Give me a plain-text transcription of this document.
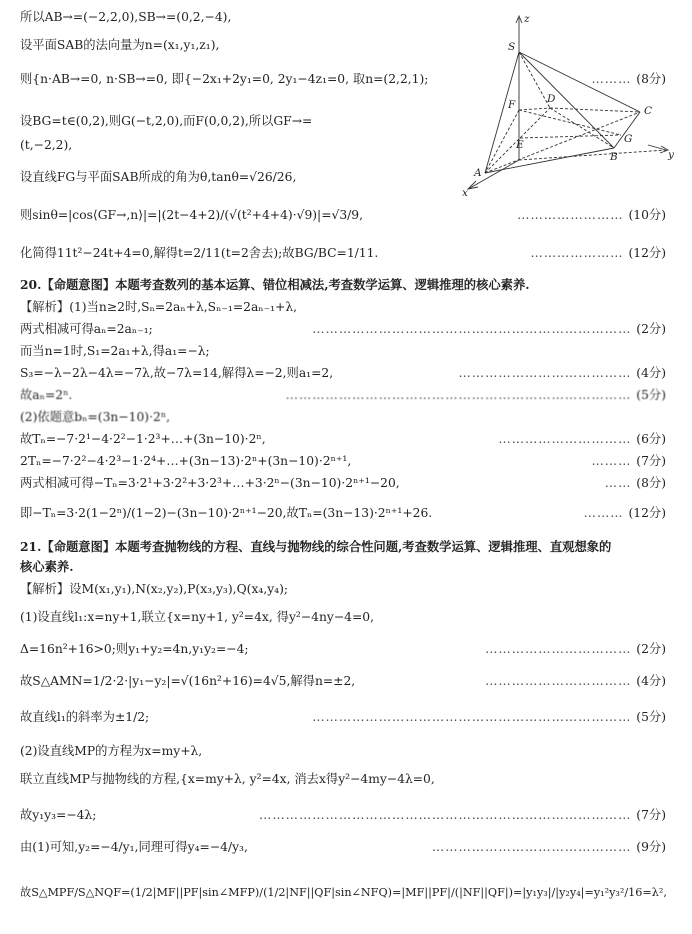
z
S
F	D
C
E	G
B
A
y
x
所以AB→=(−2,2,0),SB→=(0,2,−4),
设平面SAB的法向量为n=(x₁,y₁,z₁),
则{n·AB→=0, n·SB→=0, 即{−2x₁+2y₁=0, 2y₁−4z₁=0, 取n=(2,2,1);	……… (8分)
设BG=t∈(0,2),则G(−t,2,0),而F(0,0,2),所以GF→=
(t,−2,2),
设直线FG与平面SAB所成的角为θ,tanθ=√26/26,
则sinθ=|cos⟨GF→,n⟩|=|(2t−4+2)/(√(t²+4+4)·√9)|=√3/9,	…………………… (10分)
化简得11t²−24t+4=0,解得t=2/11(t=2舍去);故BG/BC=1/11.	………………… (12分)
20.【命题意图】本题考查数列的基本运算、错位相减法,考查数学运算、逻辑推理的核心素养.
【解析】(1)当n≥2时,Sₙ=2aₙ+λ,Sₙ₋₁=2aₙ₋₁+λ,
两式相减可得aₙ=2aₙ₋₁;	……………………………………………………………… (2分)
而当n=1时,S₁=2a₁+λ,得a₁=−λ;
S₃=−λ−2λ−4λ=−7λ,故−7λ=14,解得λ=−2,则a₁=2,	………………………………… (4分)
故aₙ=2ⁿ.	…………………………………………………………………… (5分)
(2)依题意bₙ=(3n−10)·2ⁿ,
故Tₙ=−7·2¹−4·2²−1·2³+…+(3n−10)·2ⁿ,	………………………… (6分)
2Tₙ=−7·2²−4·2³−1·2⁴+…+(3n−13)·2ⁿ+(3n−10)·2ⁿ⁺¹,	……… (7分)
两式相减可得−Tₙ=3·2¹+3·2²+3·2³+…+3·2ⁿ−(3n−10)·2ⁿ⁺¹−20,	…… (8分)
即−Tₙ=3·2(1−2ⁿ)/(1−2)−(3n−10)·2ⁿ⁺¹−20,故Tₙ=(3n−13)·2ⁿ⁺¹+26.	……… (12分)
21.【命题意图】本题考查抛物线的方程、直线与抛物线的综合性问题,考查数学运算、逻辑推理、直观想象的
核心素养.
【解析】设M(x₁,y₁),N(x₂,y₂),P(x₃,y₃),Q(x₄,y₄);
(1)设直线l₁:x=ny+1,联立{x=ny+1, y²=4x, 得y²−4ny−4=0,
Δ=16n²+16>0;则y₁+y₂=4n,y₁y₂=−4;	…………………………… (2分)
故S△AMN=1/2·2·|y₁−y₂|=√(16n²+16)=4√5,解得n=±2,	…………………………… (4分)
故直线l₁的斜率为±1/2;	……………………………………………………………… (5分)
(2)设直线MP的方程为x=my+λ,
联立直线MP与抛物线的方程,{x=my+λ, y²=4x, 消去x得y²−4my−4λ=0,
故y₁y₃=−4λ;	………………………………………………………………………… (7分)
由(1)可知,y₂=−4/y₁,同理可得y₄=−4/y₃,	……………………………………… (9分)
故S△MPF/S△NQF=(1/2|MF||PF|sin∠MFP)/(1/2|NF||QF|sin∠NFQ)=|MF||PF|/(|NF||QF|)=|y₁y₃|/|y₂y₄|=y₁²y₃²/16=λ²,
